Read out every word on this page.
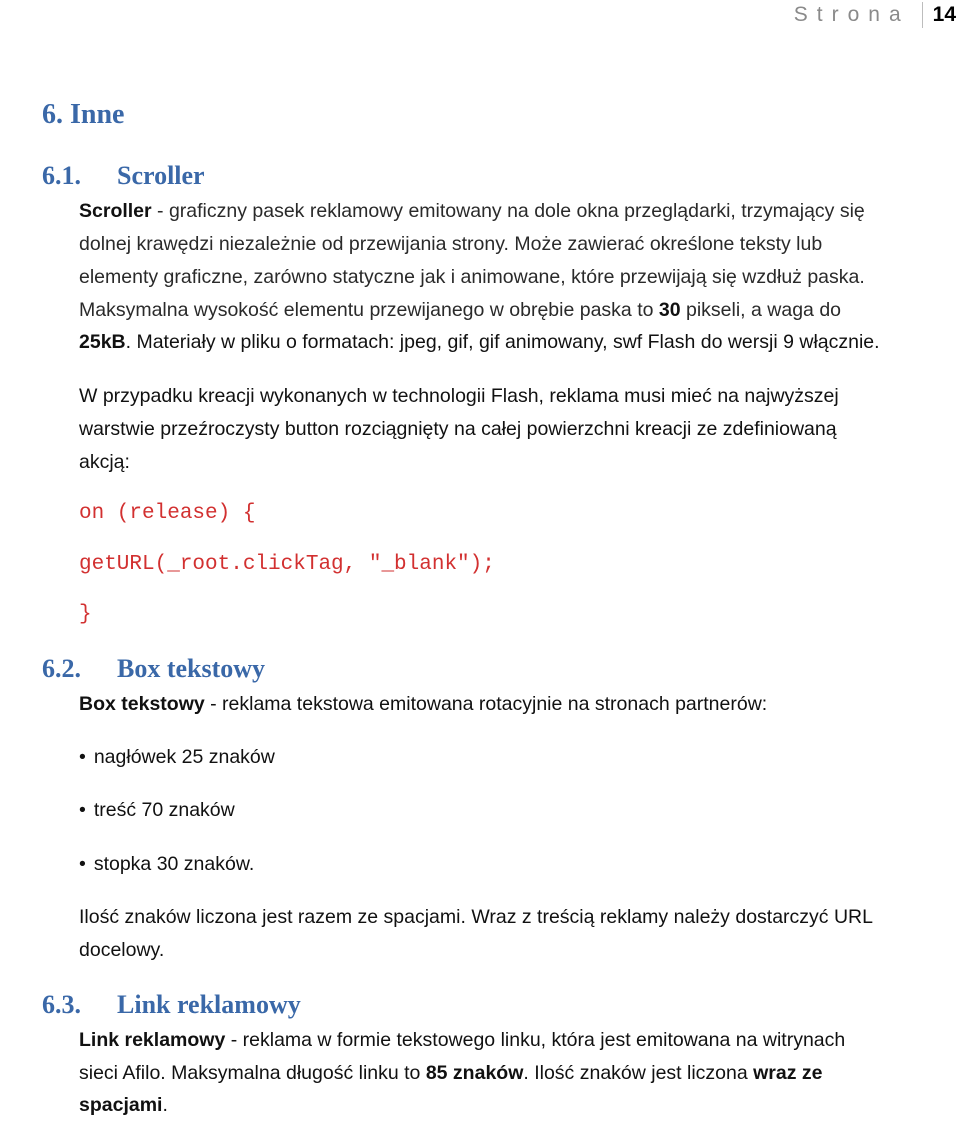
Strona	14
6. Inne
6.1. Scroller
Scroller - graficzny pasek reklamowy emitowany na dole okna przeglądarki, trzymający się
dolnej krawędzi niezależnie od przewijania strony. Może zawierać określone teksty lub
elementy graficzne, zarówno statyczne jak i animowane, które przewijają się wzdłuż paska.
Maksymalna wysokość elementu przewijanego w obrębie paska to 30 pikseli, a waga do
25kB. Materiały w pliku o formatach: jpeg, gif, gif animowany, swf Flash do wersji 9 włącznie.
W przypadku kreacji wykonanych w technologii Flash, reklama musi mieć na najwyższej
warstwie przeźroczysty button rozciągnięty na całej powierzchni kreacji ze zdefiniowaną
akcją:
on (release) {
getURL(_root.clickTag, "_blank");
}
6.2. Box tekstowy
Box tekstowy - reklama tekstowa emitowana rotacyjnie na stronach partnerów:
• nagłówek 25 znaków
• treść 70 znaków
• stopka 30 znaków.
Ilość znaków liczona jest razem ze spacjami. Wraz z treścią reklamy należy dostarczyć URL
docelowy.
6.3. Link reklamowy
Link reklamowy - reklama w formie tekstowego linku, która jest emitowana na witrynach
sieci Afilo. Maksymalna długość linku to 85 znaków. Ilość znaków jest liczona wraz ze
spacjami.
